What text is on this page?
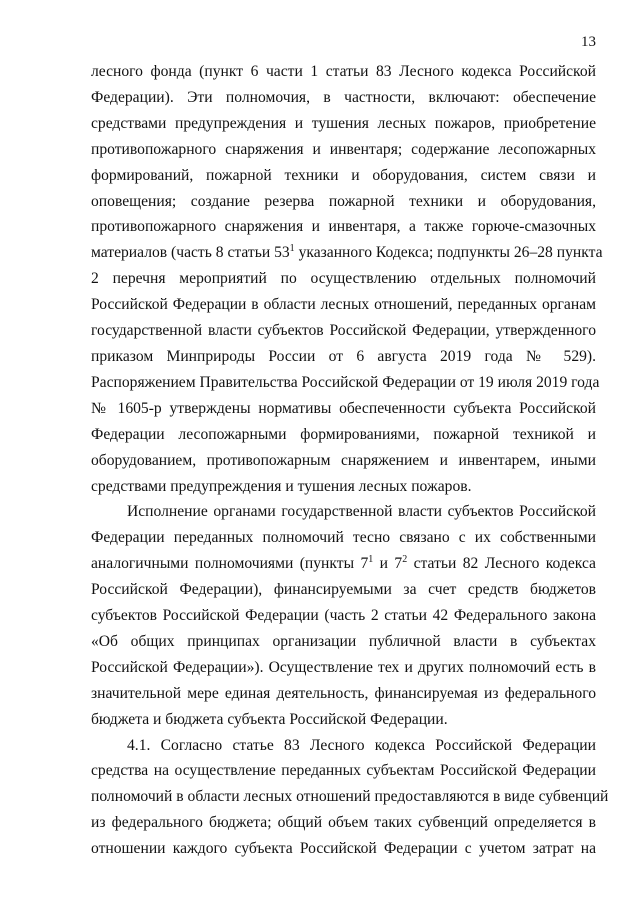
13
лесного фонда (пункт 6 части 1 статьи 83 Лесного кодекса Российской
Федерации). Эти полномочия, в частности, включают: обеспечение
средствами предупреждения и тушения лесных пожаров, приобретение
противопожарного снаряжения и инвентаря; содержание лесопожарных
формирований, пожарной техники и оборудования, систем связи и
оповещения; создание резерва пожарной техники и оборудования,
противопожарного снаряжения и инвентаря, а также горюче-смазочных
материалов (часть 8 статьи $53^1$ указанного Кодекса; подпункты 26–28 пункта
2 перечня мероприятий по осуществлению отдельных полномочий
Российской Федерации в области лесных отношений, переданных органам
государственной власти субъектов Российской Федерации, утвержденного
приказом Минприроды России от 6 августа 2019 года № 529).
Распоряжением Правительства Российской Федерации от 19 июля 2019 года
№ 1605-р утверждены нормативы обеспеченности субъекта Российской
Федерации лесопожарными формированиями, пожарной техникой и
оборудованием, противопожарным снаряжением и инвентарем, иными
средствами предупреждения и тушения лесных пожаров.
Исполнение органами государственной власти субъектов Российской
Федерации переданных полномочий тесно связано с их собственными
аналогичными полномочиями (пункты $7^1$ и $7^2$ статьи 82 Лесного кодекса
Российской Федерации), финансируемыми за счет средств бюджетов
субъектов Российской Федерации (часть 2 статьи 42 Федерального закона
«Об общих принципах организации публичной власти в субъектах
Российской Федерации»). Осуществление тех и других полномочий есть в
значительной мере единая деятельность, финансируемая из федерального
бюджета и бюджета субъекта Российской Федерации.
4.1. Согласно статье 83 Лесного кодекса Российской Федерации
средства на осуществление переданных субъектам Российской Федерации
полномочий в области лесных отношений предоставляются в виде субвенций
из федерального бюджета; общий объем таких субвенций определяется в
отношении каждого субъекта Российской Федерации с учетом затрат на
